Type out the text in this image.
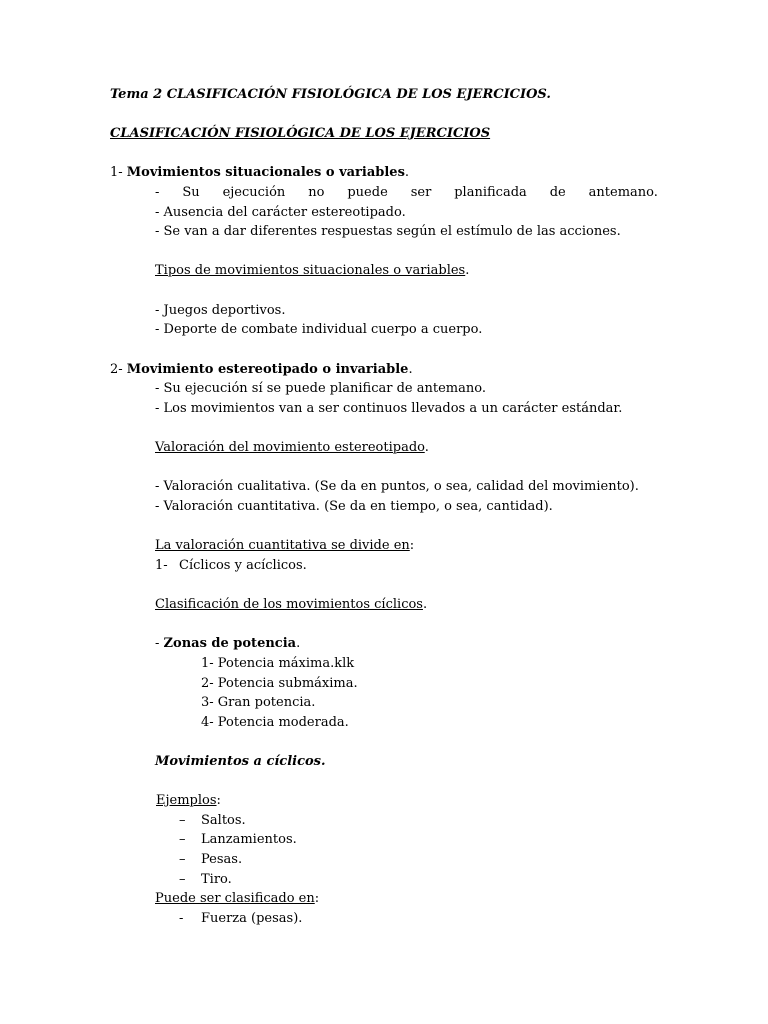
Tema 2 CLASIFICACIÓN FISIOLÓGICA DE LOS EJERCICIOS.
CLASIFICACIÓN FISIOLÓGICA DE LOS EJERCICIOS
1- Movimientos situacionales o variables.
- Su ejecución no puede ser planificada de antemano.
- Ausencia del carácter estereotipado.
- Se van a dar diferentes respuestas según el estímulo de las acciones.
Tipos de movimientos situacionales o variables.
- Juegos deportivos.
- Deporte de combate individual cuerpo a cuerpo.
2- Movimiento estereotipado o invariable.
- Su ejecución sí se puede planificar de antemano.
- Los movimientos van a ser continuos llevados a un carácter estándar.
Valoración del movimiento estereotipado.
- Valoración cualitativa. (Se da en puntos, o sea, calidad del movimiento).
- Valoración cuantitativa. (Se da en tiempo, o sea, cantidad).
La valoración cuantitativa se divide en:
1- Cíclicos y acíclicos.
Clasificación de los movimientos cíclicos.
- Zonas de potencia.
1- Potencia máxima.klk
2- Potencia submáxima.
3- Gran potencia.
4- Potencia moderada.
Movimientos a cíclicos.
Ejemplos:
– Saltos.
– Lanzamientos.
– Pesas.
– Tiro.
Puede ser clasificado en:
- Fuerza (pesas).
